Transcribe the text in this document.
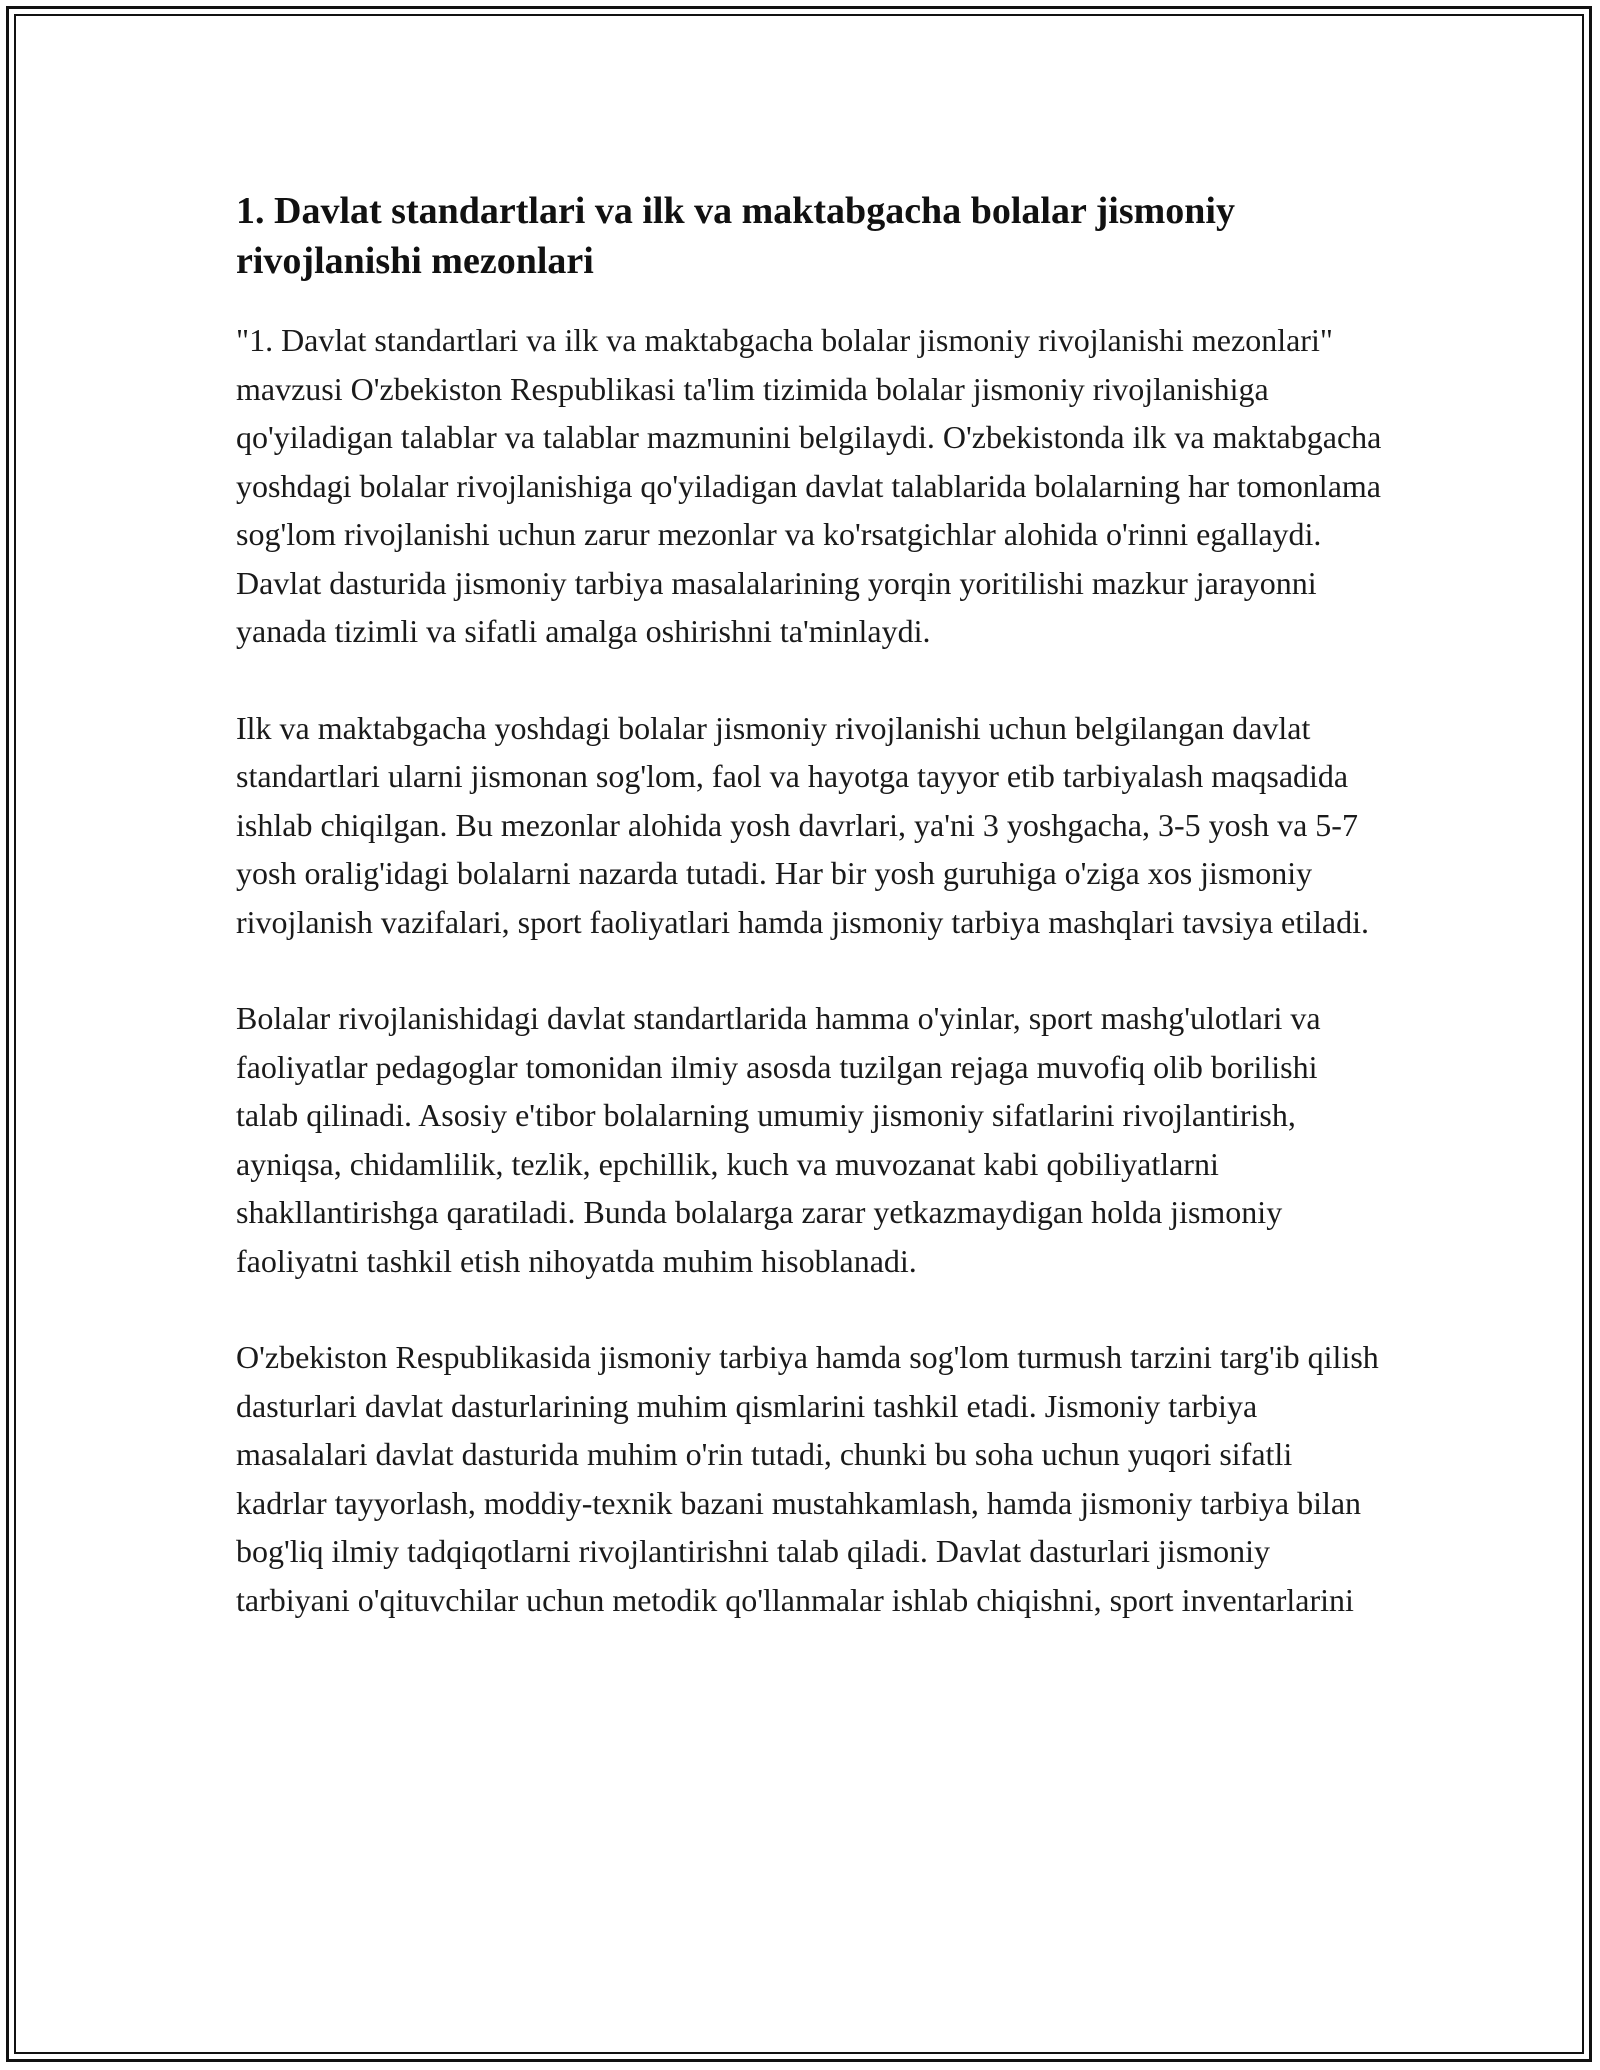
1. Davlat standartlari va ilk va maktabgacha bolalar jismoniy rivojlanishi mezonlari

"1. Davlat standartlari va ilk va maktabgacha bolalar jismoniy rivojlanishi mezonlari" mavzusi O'zbekiston Respublikasi ta'lim tizimida bolalar jismoniy rivojlanishiga qo'yiladigan talablar va talablar mazmunini belgilaydi. O'zbekistonda ilk va maktabgacha yoshdagi bolalar rivojlanishiga qo'yiladigan davlat talablarida bolalarning har tomonlama sog'lom rivojlanishi uchun zarur mezonlar va ko'rsatgichlar alohida o'rinni egallaydi. Davlat dasturida jismoniy tarbiya masalalarining yorqin yoritilishi mazkur jarayonni yanada tizimli va sifatli amalga oshirishni ta'minlaydi.

Ilk va maktabgacha yoshdagi bolalar jismoniy rivojlanishi uchun belgilangan davlat standartlari ularni jismonan sog'lom, faol va hayotga tayyor etib tarbiyalash maqsadida ishlab chiqilgan. Bu mezonlar alohida yosh davrlari, ya'ni 3 yoshgacha, 3-5 yosh va 5-7 yosh oralig'idagi bolalarni nazarda tutadi. Har bir yosh guruhiga o'ziga xos jismoniy rivojlanish vazifalari, sport faoliyatlari hamda jismoniy tarbiya mashqlari tavsiya etiladi.

Bolalar rivojlanishidagi davlat standartlarida hamma o'yinlar, sport mashg'ulotlari va faoliyatlar pedagoglar tomonidan ilmiy asosda tuzilgan rejaga muvofiq olib borilishi talab qilinadi. Asosiy e'tibor bolalarning umumiy jismoniy sifatlarini rivojlantirish, ayniqsa, chidamlilik, tezlik, epchillik, kuch va muvozanat kabi qobiliyatlarni shakllantirishga qaratiladi. Bunda bolalarga zarar yetkazmaydigan holda jismoniy faoliyatni tashkil etish nihoyatda muhim hisoblanadi.

O'zbekiston Respublikasida jismoniy tarbiya hamda sog'lom turmush tarzini targ'ib qilish dasturlari davlat dasturlarining muhim qismlarini tashkil etadi. Jismoniy tarbiya masalalari davlat dasturida muhim o'rin tutadi, chunki bu soha uchun yuqori sifatli kadrlar tayyorlash, moddiy-texnik bazani mustahkamlash, hamda jismoniy tarbiya bilan bog'liq ilmiy tadqiqotlarni rivojlantirishni talab qiladi. Davlat dasturlari jismoniy tarbiyani o'qituvchilar uchun metodik qo'llanmalar ishlab chiqishni, sport inventarlarini
